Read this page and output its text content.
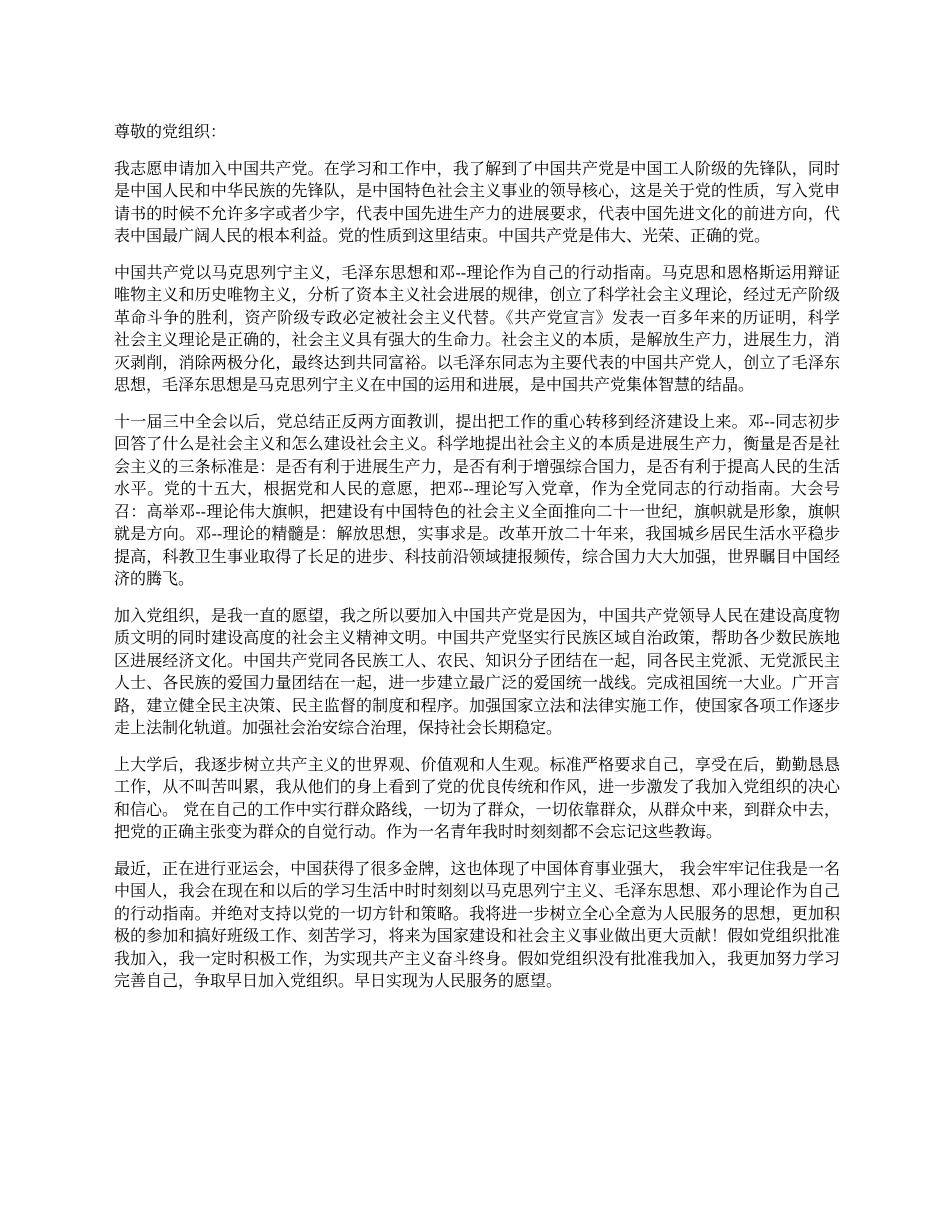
尊敬的党组织：

我志愿申请加入中国共产党。在学习和工作中，我了解到了中国共产党是中国工人阶级的先锋队，同时是中国人民和中华民族的先锋队，是中国特色社会主义事业的领导核心，这是关于党的性质，写入党申请书的时候不允许多字或者少字，代表中国先进生产力的进展要求，代表中国先进文化的前进方向，代表中国最广阔人民的根本利益。党的性质到这里结束。中国共产党是伟大、光荣、正确的党。

中国共产党以马克思列宁主义，毛泽东思想和邓--理论作为自己的行动指南。马克思和恩格斯运用辩证唯物主义和历史唯物主义，分析了资本主义社会进展的规律，创立了科学社会主义理论，经过无产阶级革命斗争的胜利，资产阶级专政必定被社会主义代替。《共产党宣言》发表一百多年来的历证明，科学社会主义理论是正确的，社会主义具有强大的生命力。社会主义的本质，是解放生产力，进展生力，消灭剥削，消除两极分化，最终达到共同富裕。以毛泽东同志为主要代表的中国共产党人，创立了毛泽东思想，毛泽东思想是马克思列宁主义在中国的运用和进展，是中国共产党集体智慧的结晶。

十一届三中全会以后，党总结正反两方面教训，提出把工作的重心转移到经济建设上来。邓--同志初步回答了什么是社会主义和怎么建设社会主义。科学地提出社会主义的本质是进展生产力，衡量是否是社会主义的三条标准是：是否有利于进展生产力，是否有利于增强综合国力，是否有利于提高人民的生活水平。党的十五大，根据党和人民的意愿，把邓--理论写入党章，作为全党同志的行动指南。大会号召：高举邓--理论伟大旗帜，把建设有中国特色的社会主义全面推向二十一世纪，旗帜就是形象，旗帜就是方向。邓--理论的精髓是：解放思想，实事求是。改革开放二十年来，我国城乡居民生活水平稳步提高，科教卫生事业取得了长足的进步、科技前沿领域捷报频传，综合国力大大加强，世界瞩目中国经济的腾飞。

加入党组织，是我一直的愿望，我之所以要加入中国共产党是因为，中国共产党领导人民在建设高度物质文明的同时建设高度的社会主义精神文明。中国共产党坚实行民族区域自治政策，帮助各少数民族地区进展经济文化。中国共产党同各民族工人、农民、知识分子团结在一起，同各民主党派、无党派民主人士、各民族的爱国力量团结在一起，进一步建立最广泛的爱国统一战线。完成祖国统一大业。广开言路，建立健全民主决策、民主监督的制度和程序。加强国家立法和法律实施工作，使国家各项工作逐步走上法制化轨道。加强社会治安综合治理，保持社会长期稳定。

上大学后，我逐步树立共产主义的世界观、价值观和人生观。标准严格要求自己，享受在后，勤勤恳恳工作，从不叫苦叫累，我从他们的身上看到了党的优良传统和作风，进一步激发了我加入党组织的决心和信心。 党在自己的工作中实行群众路线，一切为了群众，一切依靠群众，从群众中来，到群众中去，把党的正确主张变为群众的自觉行动。作为一名青年我时时刻刻都不会忘记这些教诲。

最近，正在进行亚运会，中国获得了很多金牌，这也体现了中国体育事业强大， 我会牢牢记住我是一名中国人，我会在现在和以后的学习生活中时时刻刻以马克思列宁主义、毛泽东思想、邓小理论作为自己的行动指南。并绝对支持以党的一切方针和策略。我将进一步树立全心全意为人民服务的思想，更加积极的参加和搞好班级工作、刻苦学习，将来为国家建设和社会主义事业做出更大贡献！假如党组织批准我加入，我一定时积极工作，为实现共产主义奋斗终身。假如党组织没有批准我加入，我更加努力学习完善自己，争取早日加入党组织。早日实现为人民服务的愿望。
